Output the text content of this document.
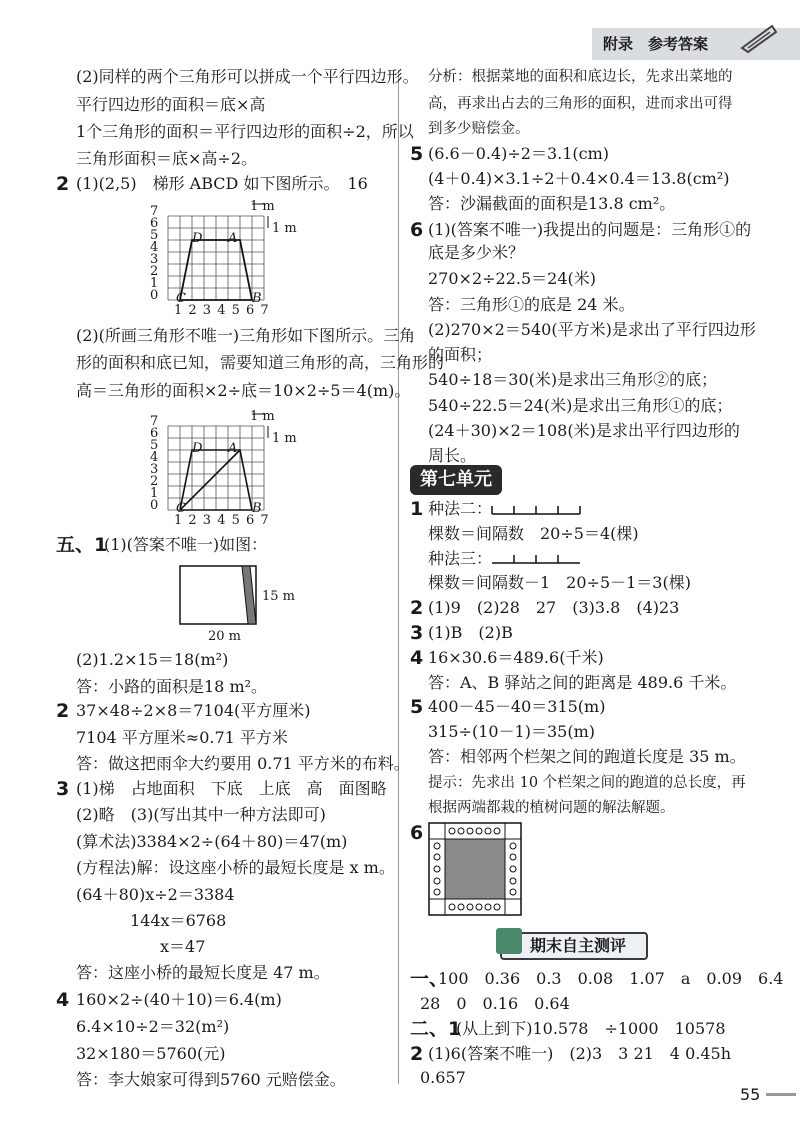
附录　参考答案
(2)同样的两个三角形可以拼成一个平行四边形。
平行四边形的面积＝底×高
1个三角形的面积＝平行四边形的面积÷2，所以
三角形面积＝底×高÷2。
2 (1)(2,5)　梯形 ABCD 如下图所示。　16
1 m
1 m
D A
C	B
7 6 5 4 3 2 1 0
1 2 3 4 5 6 7
(2)(所画三角形不唯一)三角形如下图所示。三角
形的面积和底已知，需要知道三角形的高，三角形的
高＝三角形的面积×2÷底＝10×2÷5＝4(m)。
1 m
1 m
D A
C	B
7 6 5 4 3 2 1 0
1 2 3 4 5 6 7
五、1
(1)(答案不唯一)如图：
15 m
20 m
(2)1.2×15＝18(m²)
答：小路的面积是18 m²。
2 37×48÷2×8＝7104(平方厘米)
7104 平方厘米≈0.71 平方米
答：做这把雨伞大约要用 0.71 平方米的布料。
3 (1)梯　占地面积　下底　上底　高　面图略
(2)略　(3)(写出其中一种方法即可)
(算术法)3384×2÷(64＋80)＝47(m)
(方程法)解：设这座小桥的最短长度是 x m。
(64＋80)x÷2＝3384
144x＝6768
x＝47
答：这座小桥的最短长度是 47 m。
4 160×2÷(40＋10)＝6.4(m)
6.4×10÷2＝32(m²)
32×180＝5760(元)
答：李大娘家可得到5760 元赔偿金。
分析：根据菜地的面积和底边长，先求出菜地的
高，再求出占去的三角形的面积，进而求出可得
到多少赔偿金。
5 (6.6－0.4)÷2＝3.1(cm)
(4＋0.4)×3.1÷2＋0.4×0.4＝13.8(cm²)
答：沙漏截面的面积是13.8 cm²。
6 (1)(答案不唯一)我提出的问题是：三角形①的
底是多少米？
270×2÷22.5＝24(米)
答：三角形①的底是 24 米。
(2)270×2＝540(平方米)是求出了平行四边形
的面积；
540÷18＝30(米)是求出三角形②的底；
540÷22.5＝24(米)是求出三角形①的底；
(24＋30)×2＝108(米)是求出平行四边形的
周长。
第七单元
1 种法二：
棵数＝间隔数　20÷5＝4(棵)
种法三：
棵数＝间隔数－1　20÷5－1＝3(棵)
2 (1)9　(2)28　27　(3)3.8　(4)23
3 (1)B　(2)B
4 16×30.6＝489.6(千米)
答：A、B 驿站之间的距离是 489.6 千米。
5 400－45－40＝315(m)
315÷(10－1)＝35(m)
答：相邻两个栏架之间的跑道长度是 35 m。
提示：先求出 10 个栏架之间的跑道的总长度，再
根据两端都栽的植树问题的解法解题。
6
期末自主测评
一、
100　0.36　0.3　0.08　1.07　a　0.09　6.4
28　0　0.16　0.64
二、1
(从上到下)10.578　÷1000　10578
2 (1)6(答案不唯一)　(2)3　3 21　4 0.45h
0.657
55
